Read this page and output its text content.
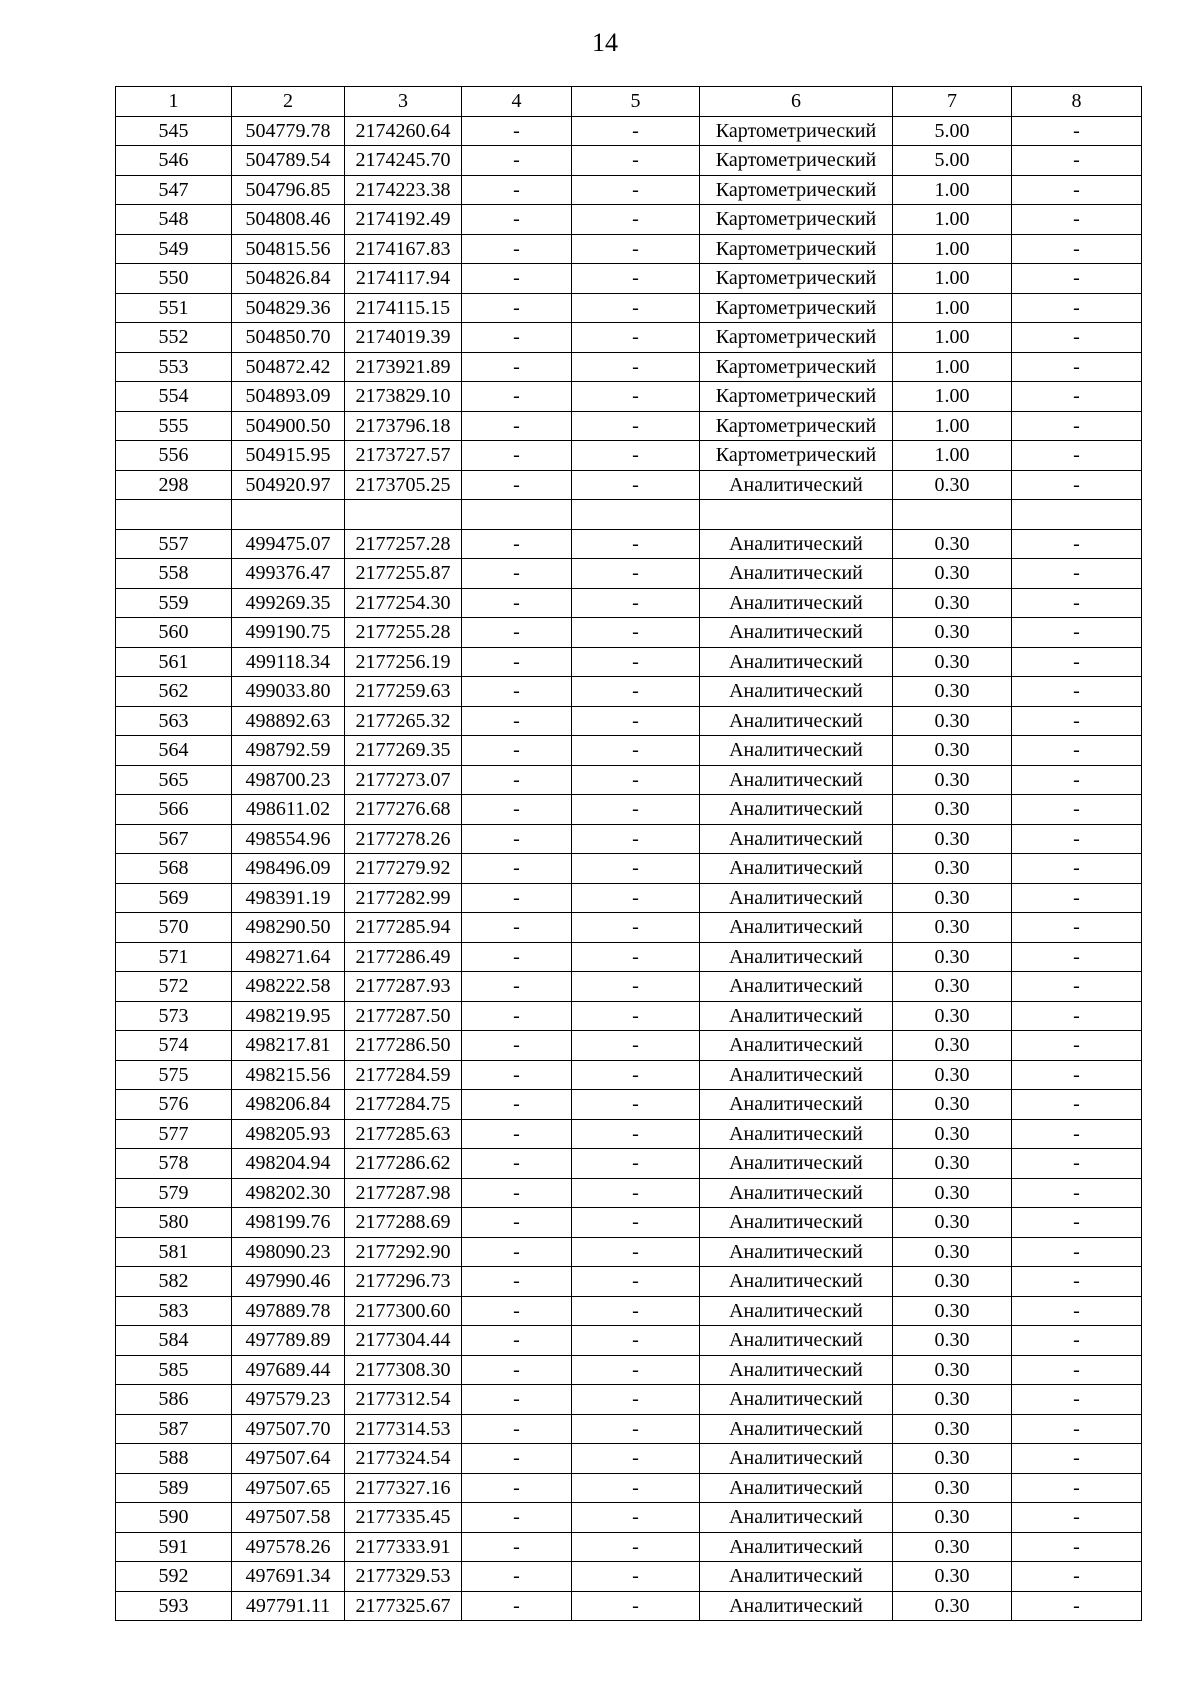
14
1	2	3	4	5	6	7	8
545	504779.78	2174260.64	-	-	Картометрический	5.00	-
546	504789.54	2174245.70	-	-	Картометрический	5.00	-
547	504796.85	2174223.38	-	-	Картометрический	1.00	-
548	504808.46	2174192.49	-	-	Картометрический	1.00	-
549	504815.56	2174167.83	-	-	Картометрический	1.00	-
550	504826.84	2174117.94	-	-	Картометрический	1.00	-
551	504829.36	2174115.15	-	-	Картометрический	1.00	-
552	504850.70	2174019.39	-	-	Картометрический	1.00	-
553	504872.42	2173921.89	-	-	Картометрический	1.00	-
554	504893.09	2173829.10	-	-	Картометрический	1.00	-
555	504900.50	2173796.18	-	-	Картометрический	1.00	-
556	504915.95	2173727.57	-	-	Картометрический	1.00	-
298	504920.97	2173705.25	-	-	Аналитический	0.30	-

557	499475.07	2177257.28	-	-	Аналитический	0.30	-
558	499376.47	2177255.87	-	-	Аналитический	0.30	-
559	499269.35	2177254.30	-	-	Аналитический	0.30	-
560	499190.75	2177255.28	-	-	Аналитический	0.30	-
561	499118.34	2177256.19	-	-	Аналитический	0.30	-
562	499033.80	2177259.63	-	-	Аналитический	0.30	-
563	498892.63	2177265.32	-	-	Аналитический	0.30	-
564	498792.59	2177269.35	-	-	Аналитический	0.30	-
565	498700.23	2177273.07	-	-	Аналитический	0.30	-
566	498611.02	2177276.68	-	-	Аналитический	0.30	-
567	498554.96	2177278.26	-	-	Аналитический	0.30	-
568	498496.09	2177279.92	-	-	Аналитический	0.30	-
569	498391.19	2177282.99	-	-	Аналитический	0.30	-
570	498290.50	2177285.94	-	-	Аналитический	0.30	-
571	498271.64	2177286.49	-	-	Аналитический	0.30	-
572	498222.58	2177287.93	-	-	Аналитический	0.30	-
573	498219.95	2177287.50	-	-	Аналитический	0.30	-
574	498217.81	2177286.50	-	-	Аналитический	0.30	-
575	498215.56	2177284.59	-	-	Аналитический	0.30	-
576	498206.84	2177284.75	-	-	Аналитический	0.30	-
577	498205.93	2177285.63	-	-	Аналитический	0.30	-
578	498204.94	2177286.62	-	-	Аналитический	0.30	-
579	498202.30	2177287.98	-	-	Аналитический	0.30	-
580	498199.76	2177288.69	-	-	Аналитический	0.30	-
581	498090.23	2177292.90	-	-	Аналитический	0.30	-
582	497990.46	2177296.73	-	-	Аналитический	0.30	-
583	497889.78	2177300.60	-	-	Аналитический	0.30	-
584	497789.89	2177304.44	-	-	Аналитический	0.30	-
585	497689.44	2177308.30	-	-	Аналитический	0.30	-
586	497579.23	2177312.54	-	-	Аналитический	0.30	-
587	497507.70	2177314.53	-	-	Аналитический	0.30	-
588	497507.64	2177324.54	-	-	Аналитический	0.30	-
589	497507.65	2177327.16	-	-	Аналитический	0.30	-
590	497507.58	2177335.45	-	-	Аналитический	0.30	-
591	497578.26	2177333.91	-	-	Аналитический	0.30	-
592	497691.34	2177329.53	-	-	Аналитический	0.30	-
593	497791.11	2177325.67	-	-	Аналитический	0.30	-
